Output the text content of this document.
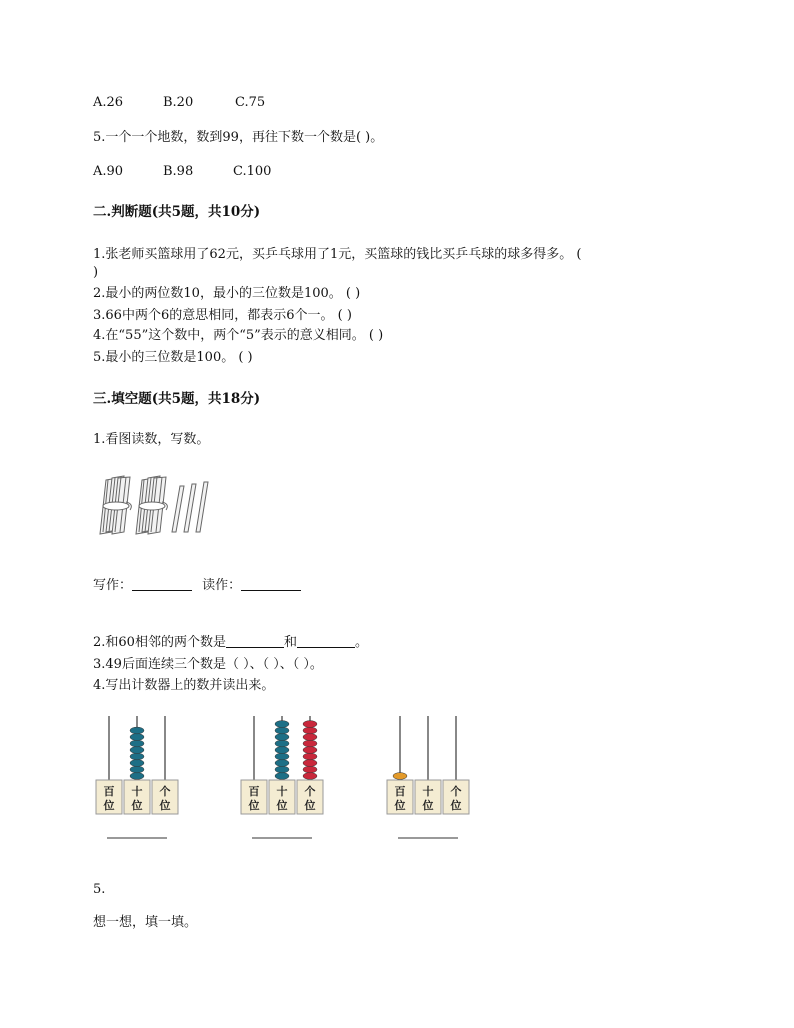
A.26	B.20	C.75
5.一个一个地数，数到99，再往下数一个数是( )。
A.90	B.98	C.100
二.判断题(共5题，共10分)
1.张老师买篮球用了62元，买乒乓球用了1元，买篮球的钱比买乒乓球的球多得多。 (
)
2.最小的两位数10，最小的三位数是100。 ( )
3.66中两个6的意思相同，都表示6个一。 ( )
4.在“55”这个数中，两个“5”表示的意义相同。 ( )
5.最小的三位数是100。 ( )
三.填空题(共5题，共18分)
1.看图读数，写数。
写作：	读作：
2.和60相邻的两个数是	和	。
3.49后面连续三个数是（ ）、（ ）、（ ）。
4.写出计数器上的数并读出来。
百
位
十
位
个
位
百
位
十
位
个
位
百
位
十
位
个
位
5.
想一想，填一填。
